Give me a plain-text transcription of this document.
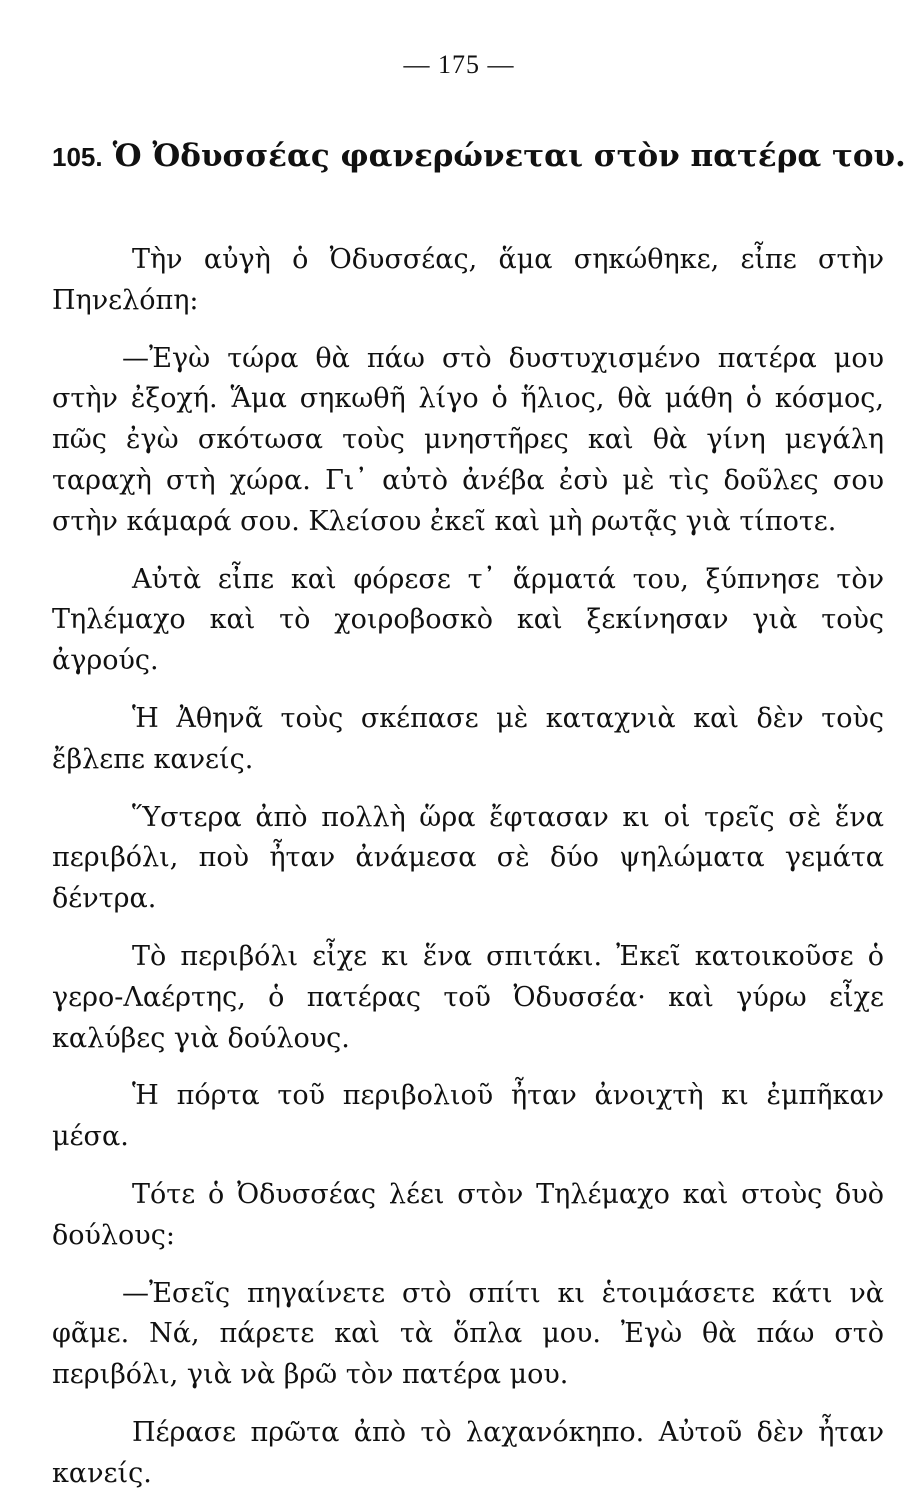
— 175 —
105. Ὁ Ὀδυσσέας φανερώνεται στὸν πατέρα του.

Τὴν αὐγὴ ὁ Ὀδυσσέας, ἅμα σηκώθηκε, εἶπε στὴν Πηνελόπη:

—Ἐγὼ τώρα θὰ πάω στὸ δυστυχισμένο πατέρα μου στὴν ἐξοχή. Ἅμα σηκωθῆ λίγο ὁ ἥλιος, θὰ μάθη ὁ κόσμος, πῶς ἐγὼ σκότωσα τοὺς μνηστῆρες καὶ θὰ γίνη μεγάλη ταραχὴ στὴ χώρα. Γι᾽ αὐτὸ ἀνέβα ἐσὺ μὲ τὶς δοῦλες σου στὴν κάμαρά σου. Κλείσου ἐκεῖ καὶ μὴ ρωτᾷς γιὰ τίποτε.

Αὐτὰ εἶπε καὶ φόρεσε τ᾽ ἅρματά του, ξύπνησε τὸν Τηλέμαχο καὶ τὸ χοιροβοσκὸ καὶ ξεκίνησαν γιὰ τοὺς ἀγρούς.

Ἡ Ἀθηνᾶ τοὺς σκέπασε μὲ καταχνιὰ καὶ δὲν τοὺς ἔβλεπε κανείς.

Ὕστερα ἀπὸ πολλὴ ὥρα ἔφτασαν κι οἱ τρεῖς σὲ ἕνα περιβόλι, ποὺ ἦταν ἀνάμεσα σὲ δύο ψηλώματα γεμάτα δέντρα.

Τὸ περιβόλι εἶχε κι ἕνα σπιτάκι. Ἐκεῖ κατοικοῦσε ὁ γερο-Λαέρτης, ὁ πατέρας τοῦ Ὀδυσσέα· καὶ γύρω εἶχε καλύβες γιὰ δούλους.

Ἡ πόρτα τοῦ περιβολιοῦ ἦταν ἀνοιχτὴ κι ἐμπῆκαν μέσα.

Τότε ὁ Ὀδυσσέας λέει στὸν Τηλέμαχο καὶ στοὺς δυὸ δούλους:

—Ἐσεῖς πηγαίνετε στὸ σπίτι κι ἑτοιμάσετε κάτι νὰ φᾶμε. Νά, πάρετε καὶ τὰ ὅπλα μου. Ἐγὼ θὰ πάω στὸ περιβόλι, γιὰ νὰ βρῶ τὸν πατέρα μου.

Πέρασε πρῶτα ἀπὸ τὸ λαχανόκηπο. Αὐτοῦ δὲν ἦταν κανείς.
